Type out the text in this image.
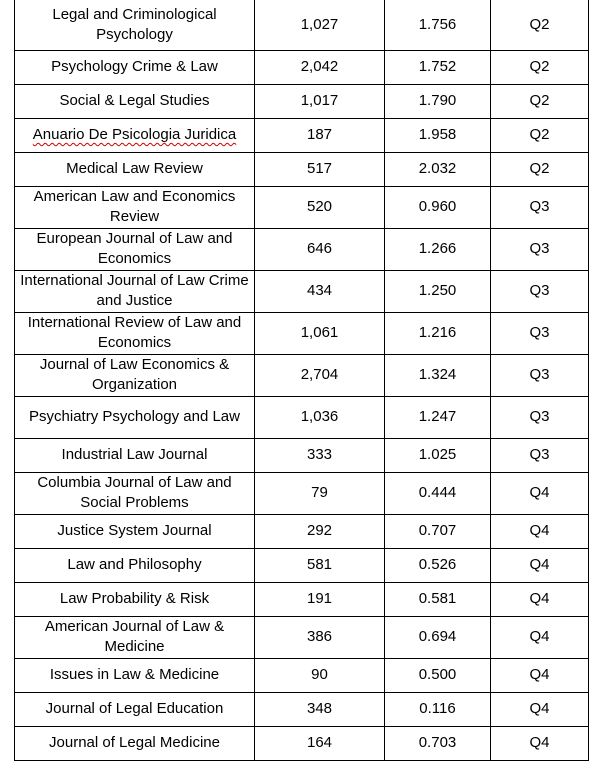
Legal and Criminological Psychology	1,027	1.756	Q2
Psychology Crime & Law	2,042	1.752	Q2
Social & Legal Studies	1,017	1.790	Q2
Anuario De Psicologia Juridica	187	1.958	Q2
Medical Law Review	517	2.032	Q2
American Law and Economics Review	520	0.960	Q3
European Journal of Law and Economics	646	1.266	Q3
International Journal of Law Crime and Justice	434	1.250	Q3
International Review of Law and Economics	1,061	1.216	Q3
Journal of Law Economics & Organization	2,704	1.324	Q3
Psychiatry Psychology and Law	1,036	1.247	Q3
Industrial Law Journal	333	1.025	Q3
Columbia Journal of Law and Social Problems	79	0.444	Q4
Justice System Journal	292	0.707	Q4
Law and Philosophy	581	0.526	Q4
Law Probability & Risk	191	0.581	Q4
American Journal of Law & Medicine	386	0.694	Q4
Issues in Law & Medicine	90	0.500	Q4
Journal of Legal Education	348	0.116	Q4
Journal of Legal Medicine	164	0.703	Q4
